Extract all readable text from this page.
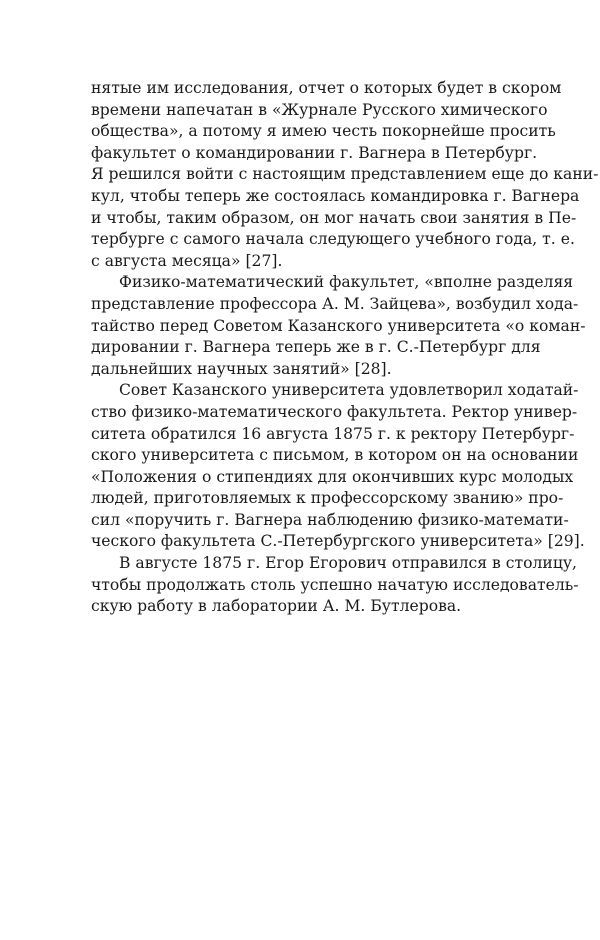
нятые им исследования, отчет о которых будет в скором
времени напечатан в «Журнале Русского химического
общества», а потому я имею честь покорнейше просить
факультет о командировании г. Вагнера в Петербург.
Я решился войти с настоящим представлением еще до кани-
кул, чтобы теперь же состоялась командировка г. Вагнера
и чтобы, таким образом, он мог начать свои занятия в Пе-
тербурге с самого начала следующего учебного года, т. е.
с августа месяца» [27].
Физико-математический факультет, «вполне разделяя
представление профессора А. М. Зайцева», возбудил хода-
тайство перед Советом Казанского университета «о коман-
дировании г. Вагнера теперь же в г. С.-Петербург для
дальнейших научных занятий» [28].
Совет Казанского университета удовлетворил ходатай-
ство физико-математического факультета. Ректор универ-
ситета обратился 16 августа 1875 г. к ректору Петербург-
ского университета с письмом, в котором он на основании
«Положения о стипендиях для окончивших курс молодых
людей, приготовляемых к профессорскому званию» про-
сил «поручить г. Вагнера наблюдению физико-математи-
ческого факультета С.-Петербургского университета» [29].
В августе 1875 г. Егор Егорович отправился в столицу,
чтобы продолжать столь успешно начатую исследователь-
скую работу в лаборатории А. М. Бутлерова.
